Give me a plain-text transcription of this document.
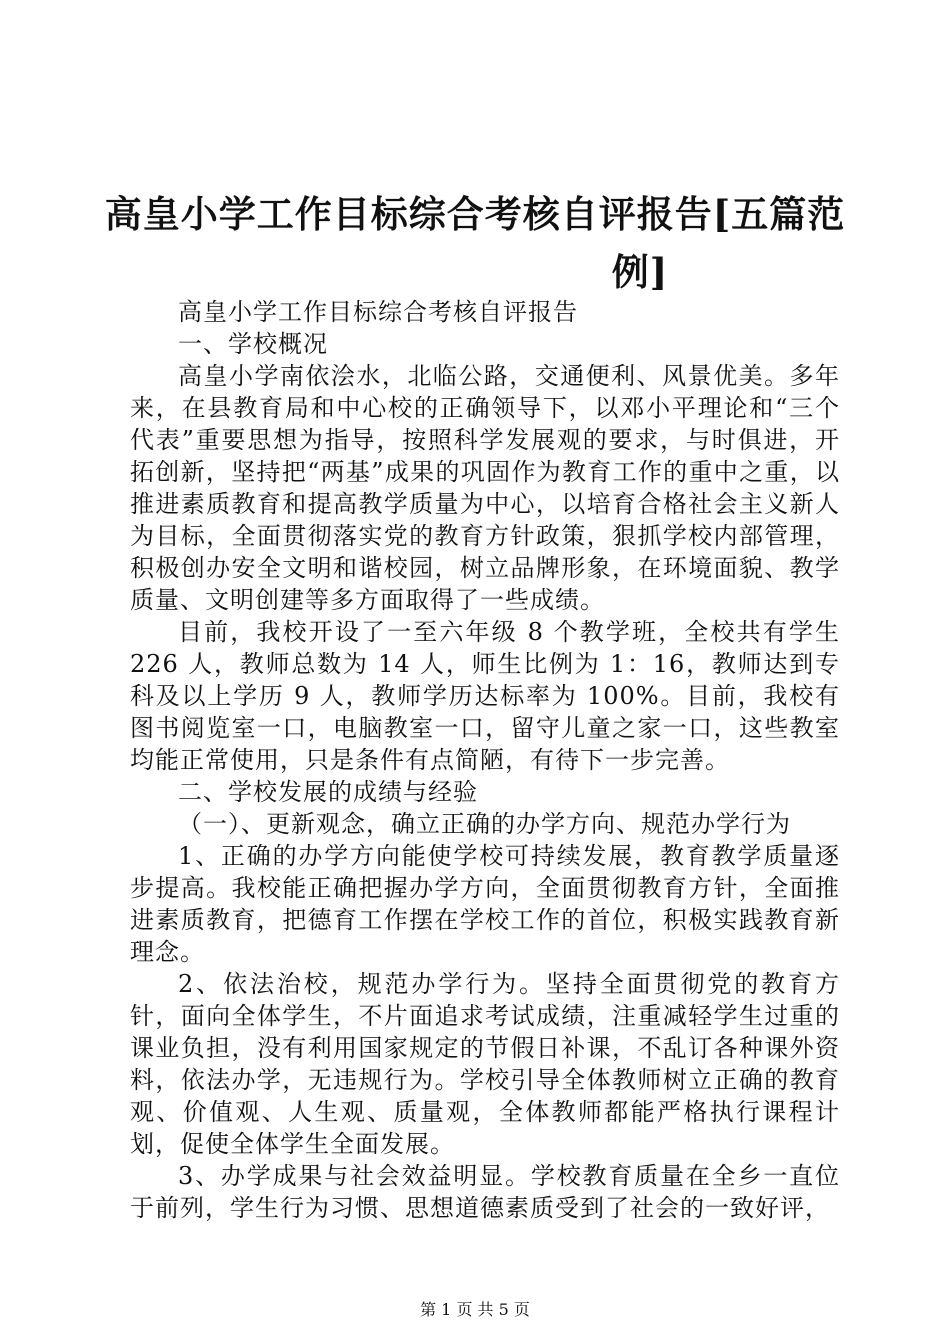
高皇小学工作目标综合考核自评报告[五篇范
例]

高皇小学工作目标综合考核自评报告

一、学校概况

高皇小学南依浍水，北临公路，交通便利、风景优美。多年来，在县教育局和中心校的正确领导下，以邓小平理论和“三个代表”重要思想为指导，按照科学发展观的要求，与时俱进，开拓创新，坚持把“两基”成果的巩固作为教育工作的重中之重，以推进素质教育和提高教学质量为中心，以培育合格社会主义新人为目标，全面贯彻落实党的教育方针政策，狠抓学校内部管理，积极创办安全文明和谐校园，树立品牌形象，在环境面貌、教学质量、文明创建等多方面取得了一些成绩。

目前，我校开设了一至六年级 8 个教学班，全校共有学生 226 人，教师总数为 14 人，师生比例为 1：16，教师达到专科及以上学历 9 人，教师学历达标率为 100%。目前，我校有图书阅览室一口，电脑教室一口，留守儿童之家一口，这些教室均能正常使用，只是条件有点简陋，有待下一步完善。

二、学校发展的成绩与经验

（一）、更新观念，确立正确的办学方向、规范办学行为

1、正确的办学方向能使学校可持续发展，教育教学质量逐步提高。我校能正确把握办学方向，全面贯彻教育方针，全面推进素质教育，把德育工作摆在学校工作的首位，积极实践教育新理念。

2、依法治校，规范办学行为。坚持全面贯彻党的教育方针，面向全体学生，不片面追求考试成绩，注重减轻学生过重的课业负担，没有利用国家规定的节假日补课，不乱订各种课外资料，依法办学，无违规行为。学校引导全体教师树立正确的教育观、价值观、人生观、质量观，全体教师都能严格执行课程计划，促使全体学生全面发展。

3、办学成果与社会效益明显。学校教育质量在全乡一直位于前列，学生行为习惯、思想道德素质受到了社会的一致好评，

第 1 页 共 5 页
